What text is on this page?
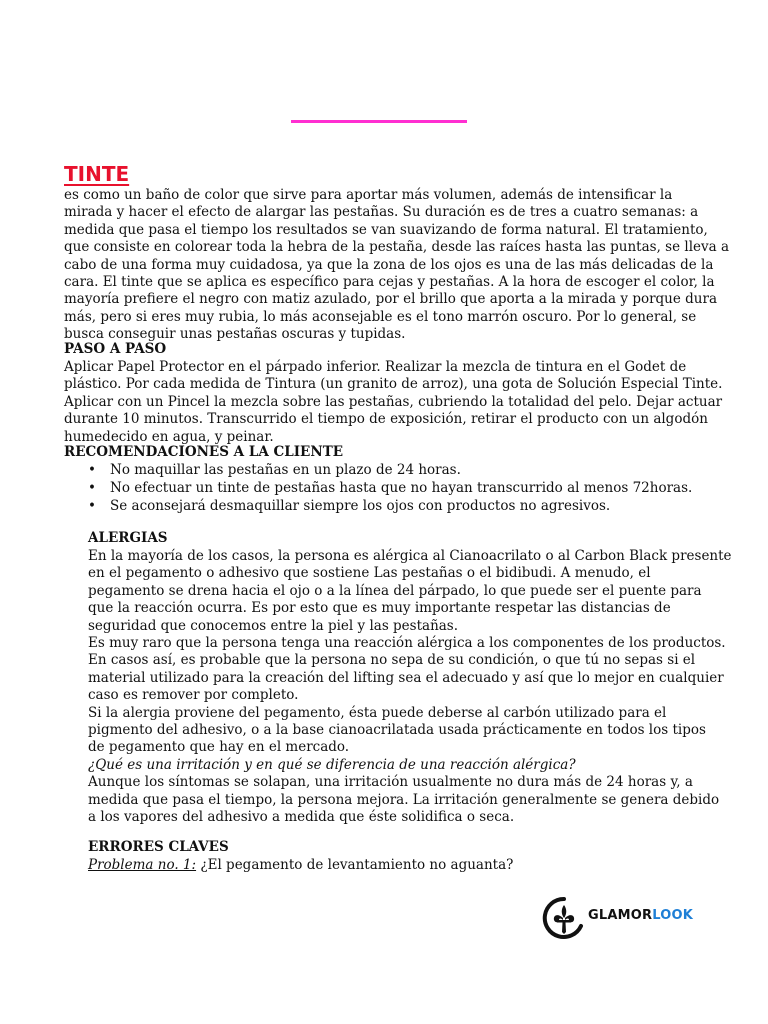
TINTE
es como un baño de color que sirve para aportar más volumen, además de intensificar la
mirada y hacer el efecto de alargar las pestañas. Su duración es de tres a cuatro semanas: a
medida que pasa el tiempo los resultados se van suavizando de forma natural. El tratamiento,
que consiste en colorear toda la hebra de la pestaña, desde las raíces hasta las puntas, se lleva a
cabo de una forma muy cuidadosa, ya que la zona de los ojos es una de las más delicadas de la
cara. El tinte que se aplica es específico para cejas y pestañas. A la hora de escoger el color, la
mayoría prefiere el negro con matiz azulado, por el brillo que aporta a la mirada y porque dura
más, pero si eres muy rubia, lo más aconsejable es el tono marrón oscuro. Por lo general, se
busca conseguir unas pestañas oscuras y tupidas.
PASO A PASO
Aplicar Papel Protector en el párpado inferior. Realizar la mezcla de tintura en el Godet de
plástico. Por cada medida de Tintura (un granito de arroz), una gota de Solución Especial Tinte.
Aplicar con un Pincel la mezcla sobre las pestañas, cubriendo la totalidad del pelo. Dejar actuar
durante 10 minutos. Transcurrido el tiempo de exposición, retirar el producto con un algodón
humedecido en agua, y peinar.
RECOMENDACIONES A LA CLIENTE
• No maquillar las pestañas en un plazo de 24 horas.
• No efectuar un tinte de pestañas hasta que no hayan transcurrido al menos 72horas.
• Se aconsejará desmaquillar siempre los ojos con productos no agresivos.
ALERGIAS
En la mayoría de los casos, la persona es alérgica al Cianoacrilato o al Carbon Black presente
en el pegamento o adhesivo que sostiene Las pestañas o el bidibudi. A menudo, el
pegamento se drena hacia el ojo o a la línea del párpado, lo que puede ser el puente para
que la reacción ocurra. Es por esto que es muy importante respetar las distancias de
seguridad que conocemos entre la piel y las pestañas.
Es muy raro que la persona tenga una reacción alérgica a los componentes de los productos.
En casos así, es probable que la persona no sepa de su condición, o que tú no sepas si el
material utilizado para la creación del lifting sea el adecuado y así que lo mejor en cualquier
caso es remover por completo.
Si la alergia proviene del pegamento, ésta puede deberse al carbón utilizado para el
pigmento del adhesivo, o a la base cianoacrilatada usada prácticamente en todos los tipos
de pegamento que hay en el mercado.
¿Qué es una irritación y en qué se diferencia de una reacción alérgica?
Aunque los síntomas se solapan, una irritación usualmente no dura más de 24 horas y, a
medida que pasa el tiempo, la persona mejora. La irritación generalmente se genera debido
a los vapores del adhesivo a medida que éste solidifica o seca.
ERRORES CLAVES
Problema no. 1: ¿El pegamento de levantamiento no aguanta?
GLAMORLOOK
